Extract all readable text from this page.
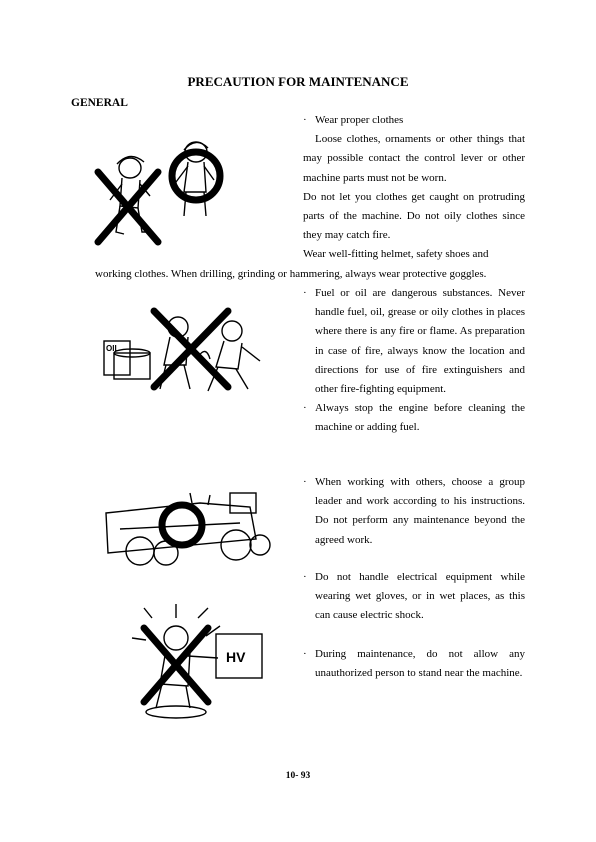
PRECAUTION FOR MAINTENANCE
GENERAL

· Wear proper clothes

Loose clothes, ornaments or other things that may possible contact the control lever or other machine parts must not be worn.

Do not let you clothes get caught on protruding parts of the machine. Do not oily clothes since they may catch fire.

Wear well-fitting helmet, safety shoes and

working clothes. When drilling, grinding or hammering, always wear protective goggles.

· Fuel or oil are dangerous substances. Never handle fuel, oil, grease or oily clothes in places where there is any fire or flame. As preparation in case of fire, always know the location and directions for use of fire extinguishers and other fire-fighting equipment.

· Always stop the engine before cleaning the machine or adding fuel.

· When working with others, choose a group leader and work according to his instructions. Do not perform any maintenance beyond the agreed work.

· Do not handle electrical equipment while wearing wet gloves, or in wet places, as this can cause electric shock.

· During maintenance, do not allow any unauthorized person to stand near the machine.

10- 93
OIL
HV
